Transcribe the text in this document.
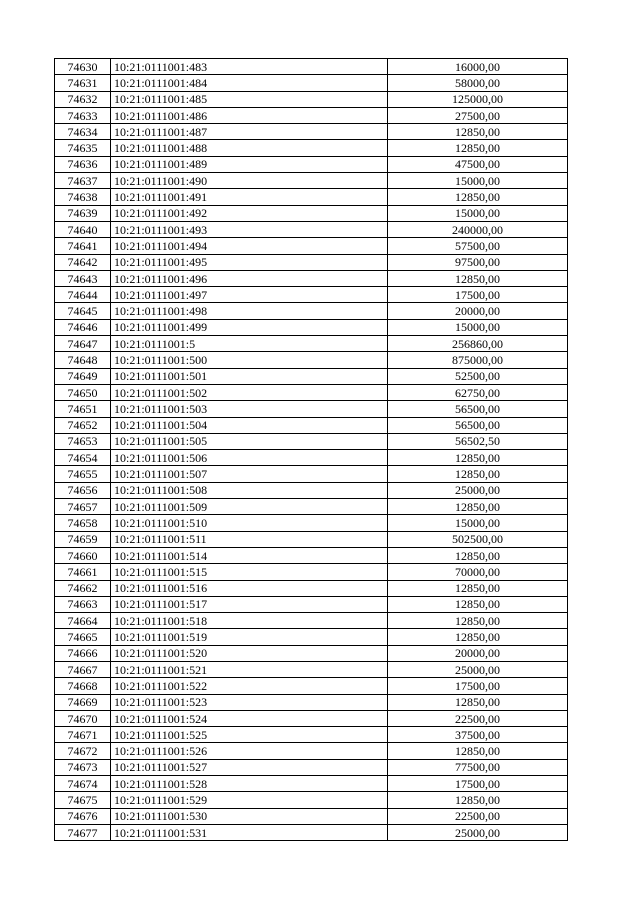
74630	10:21:0111001:483	16000,00
74631	10:21:0111001:484	58000,00
74632	10:21:0111001:485	125000,00
74633	10:21:0111001:486	27500,00
74634	10:21:0111001:487	12850,00
74635	10:21:0111001:488	12850,00
74636	10:21:0111001:489	47500,00
74637	10:21:0111001:490	15000,00
74638	10:21:0111001:491	12850,00
74639	10:21:0111001:492	15000,00
74640	10:21:0111001:493	240000,00
74641	10:21:0111001:494	57500,00
74642	10:21:0111001:495	97500,00
74643	10:21:0111001:496	12850,00
74644	10:21:0111001:497	17500,00
74645	10:21:0111001:498	20000,00
74646	10:21:0111001:499	15000,00
74647	10:21:0111001:5	256860,00
74648	10:21:0111001:500	875000,00
74649	10:21:0111001:501	52500,00
74650	10:21:0111001:502	62750,00
74651	10:21:0111001:503	56500,00
74652	10:21:0111001:504	56500,00
74653	10:21:0111001:505	56502,50
74654	10:21:0111001:506	12850,00
74655	10:21:0111001:507	12850,00
74656	10:21:0111001:508	25000,00
74657	10:21:0111001:509	12850,00
74658	10:21:0111001:510	15000,00
74659	10:21:0111001:511	502500,00
74660	10:21:0111001:514	12850,00
74661	10:21:0111001:515	70000,00
74662	10:21:0111001:516	12850,00
74663	10:21:0111001:517	12850,00
74664	10:21:0111001:518	12850,00
74665	10:21:0111001:519	12850,00
74666	10:21:0111001:520	20000,00
74667	10:21:0111001:521	25000,00
74668	10:21:0111001:522	17500,00
74669	10:21:0111001:523	12850,00
74670	10:21:0111001:524	22500,00
74671	10:21:0111001:525	37500,00
74672	10:21:0111001:526	12850,00
74673	10:21:0111001:527	77500,00
74674	10:21:0111001:528	17500,00
74675	10:21:0111001:529	12850,00
74676	10:21:0111001:530	22500,00
74677	10:21:0111001:531	25000,00
